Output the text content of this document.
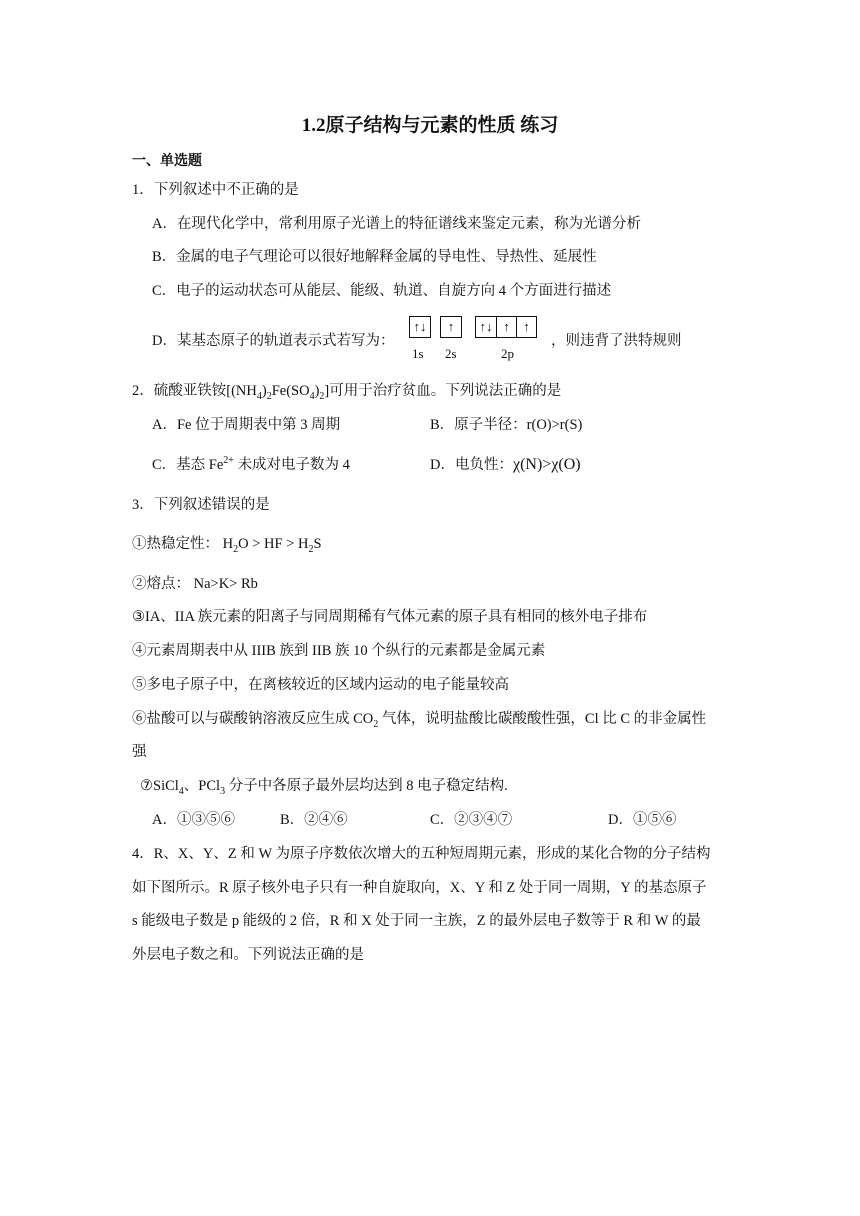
1.2原子结构与元素的性质 练习
一、单选题
1．下列叙述中不正确的是
A．在现代化学中，常利用原子光谱上的特征谱线来鉴定元素，称为光谱分析
B．金属的电子气理论可以很好地解释金属的导电性、导热性、延展性
C．电子的运动状态可从能层、能级、轨道、自旋方向 4 个方面进行描述
D．某基态原子的轨道表示式若写为：
↑↓	↑	↑↓ ↑	↑
1s 2s	2p
，则违背了洪特规则
2．硫酸亚铁铵$[(NH_4)_2Fe(SO_4)_2]$可用于治疗贫血。下列说法正确的是
A．Fe 位于周期表中第 3 周期	B．原子半径：r(O)>r(S)
C．基态 $Fe^{2+}$ 未成对电子数为 4	D．电负性：χ(N)>χ(O)
3．下列叙述错误的是
①热稳定性： $H_2O$ > HF > $H_2S$
②熔点： Na>K> Rb
③IA、IIA 族元素的阳离子与同周期稀有气体元素的原子具有相同的核外电子排布
④元素周期表中从 IIIB 族到 IIB 族 10 个纵行的元素都是金属元素
⑤多电子原子中，在离核较近的区域内运动的电子能量较高
⑥盐酸可以与碳酸钠溶液反应生成 $CO_2$ 气体，说明盐酸比碳酸酸性强，Cl 比 C 的非金属性
强
⑦SiCl$_4$、PCl$_3$ 分子中各原子最外层均达到 8 电子稳定结构.
A．①③⑤⑥	B．②④⑥	C．②③④⑦	D．①⑤⑥
4．R、X、Y、Z 和 W 为原子序数依次增大的五种短周期元素，形成的某化合物的分子结构
如下图所示。R 原子核外电子只有一种自旋取向，X、Y 和 Z 处于同一周期，Y 的基态原子
s 能级电子数是 p 能级的 2 倍，R 和 X 处于同一主族，Z 的最外层电子数等于 R 和 W 的最
外层电子数之和。下列说法正确的是
